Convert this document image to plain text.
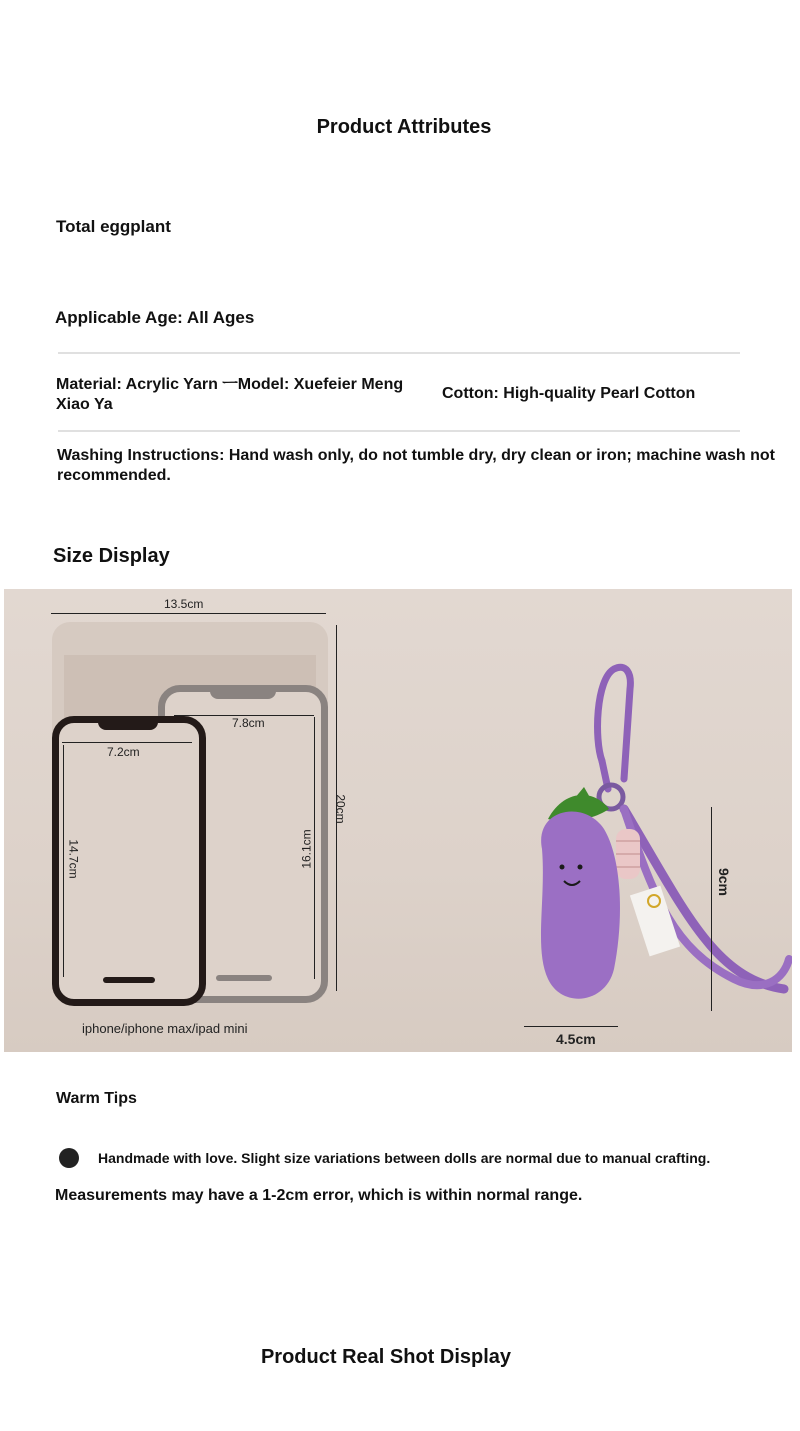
Product Attributes
Total eggplant
Applicable Age: All Ages
Material: Acrylic Yarn ㅡModel: Xuefeier Meng
Xiao Ya
Cotton: High-quality Pearl Cotton
Washing Instructions: Hand wash only, do not tumble dry, dry clean or iron; machine wash not
recommended.
Size Display
13.5cm
20cm
7.8cm
16.1cm
7.2cm
14.7cm
iphone/iphone max/ipad mini
9cm
4.5cm
Warm Tips
Handmade with love. Slight size variations between dolls are normal due to manual crafting.
Measurements may have a 1-2cm error, which is within normal range.
Product Real Shot Display
